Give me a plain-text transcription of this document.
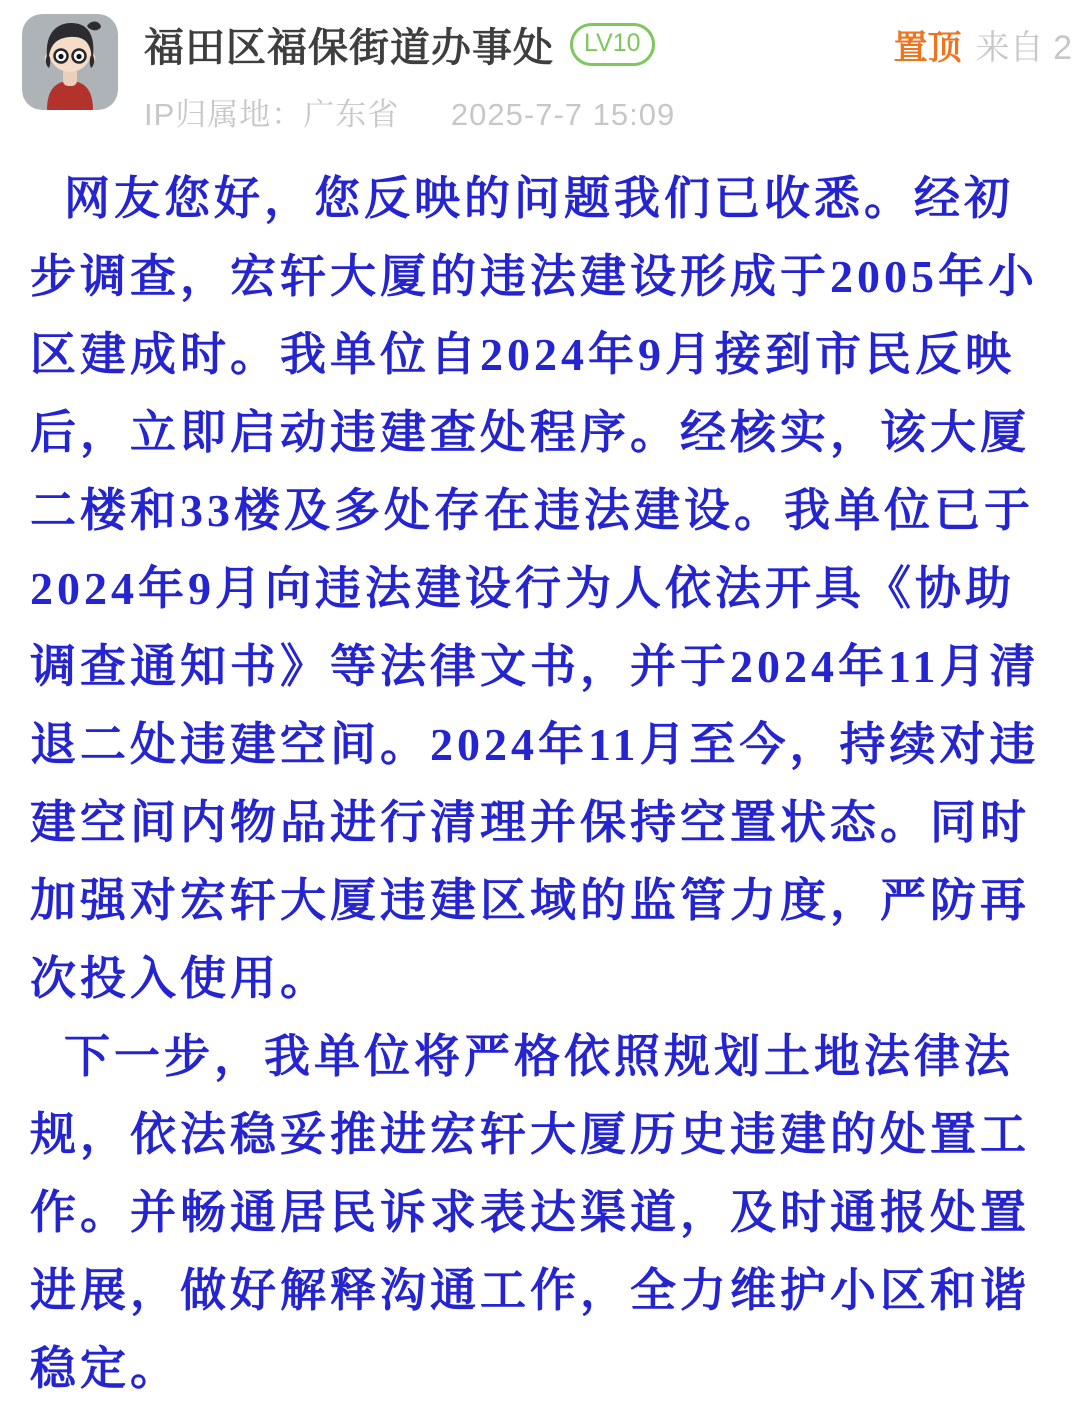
福田区福保街道办事处	LV10	置顶 来自 2
IP归属地：广东省 2025-7-7 15:09

网友您好，您反映的问题我们已收悉。经初步调查，宏轩大厦的违法建设形成于2005年小区建成时。我单位自2024年9月接到市民反映后，立即启动违建查处程序。经核实，该大厦二楼和33楼及多处存在违法建设。我单位已于2024年9月向违法建设行为人依法开具《协助调查通知书》等法律文书，并于2024年11月清退二处违建空间。2024年11月至今，持续对违建空间内物品进行清理并保持空置状态。同时加强对宏轩大厦违建区域的监管力度，严防再次投入使用。

下一步，我单位将严格依照规划土地法律法规，依法稳妥推进宏轩大厦历史违建的处置工作。并畅通居民诉求表达渠道，及时通报处置进展，做好解释沟通工作，全力维护小区和谐稳定。
